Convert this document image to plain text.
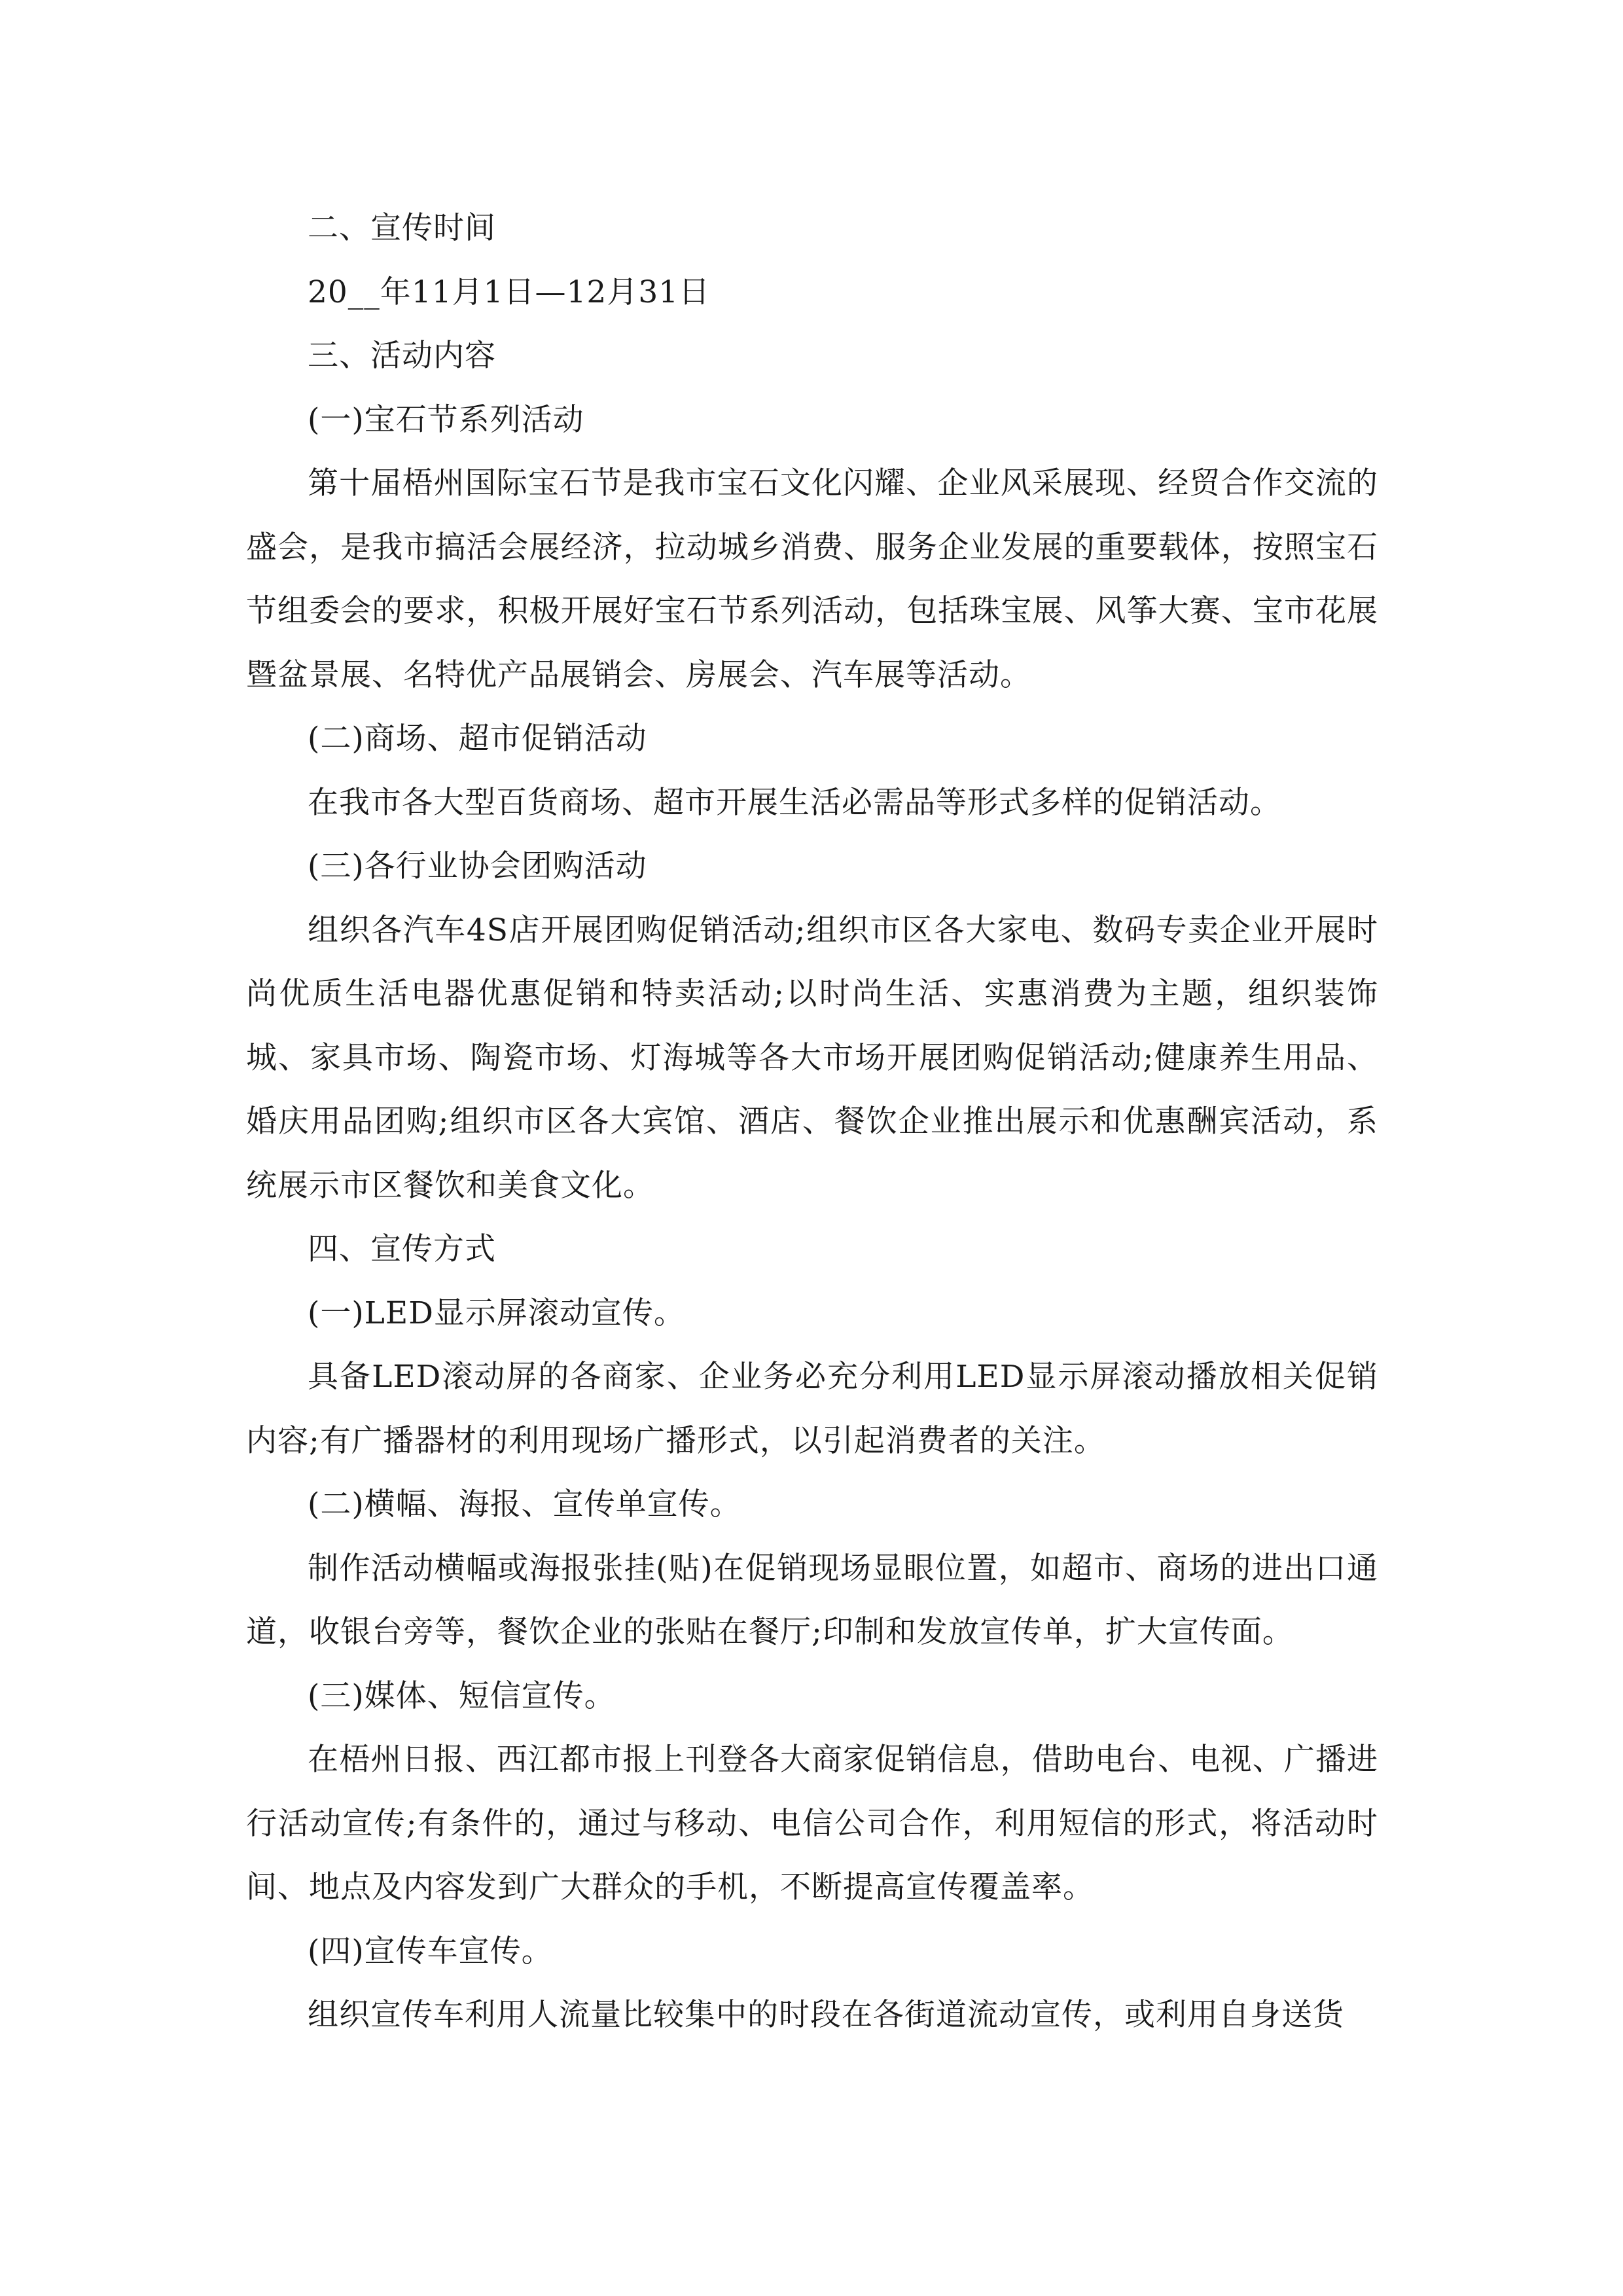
二、宣传时间

20__年11月1日—12月31日

三、活动内容

(一)宝石节系列活动

第十届梧州国际宝石节是我市宝石文化闪耀、企业风采展现、经贸合作交流的盛会，是我市搞活会展经济，拉动城乡消费、服务企业发展的重要载体，按照宝石节组委会的要求，积极开展好宝石节系列活动，包括珠宝展、风筝大赛、宝市花展暨盆景展、名特优产品展销会、房展会、汽车展等活动。

(二)商场、超市促销活动

在我市各大型百货商场、超市开展生活必需品等形式多样的促销活动。

(三)各行业协会团购活动

组织各汽车4S店开展团购促销活动;组织市区各大家电、数码专卖企业开展时尚优质生活电器优惠促销和特卖活动;以时尚生活、实惠消费为主题，组织装饰城、家具市场、陶瓷市场、灯海城等各大市场开展团购促销活动;健康养生用品、婚庆用品团购;组织市区各大宾馆、酒店、餐饮企业推出展示和优惠酬宾活动，系统展示市区餐饮和美食文化。

四、宣传方式

(一)LED显示屏滚动宣传。

具备LED滚动屏的各商家、企业务必充分利用LED显示屏滚动播放相关促销内容;有广播器材的利用现场广播形式，以引起消费者的关注。

(二)横幅、海报、宣传单宣传。

制作活动横幅或海报张挂(贴)在促销现场显眼位置，如超市、商场的进出口通道，收银台旁等，餐饮企业的张贴在餐厅;印制和发放宣传单，扩大宣传面。

(三)媒体、短信宣传。

在梧州日报、西江都市报上刊登各大商家促销信息，借助电台、电视、广播进行活动宣传;有条件的，通过与移动、电信公司合作，利用短信的形式，将活动时间、地点及内容发到广大群众的手机，不断提高宣传覆盖率。

(四)宣传车宣传。

组织宣传车利用人流量比较集中的时段在各街道流动宣传，或利用自身送货
